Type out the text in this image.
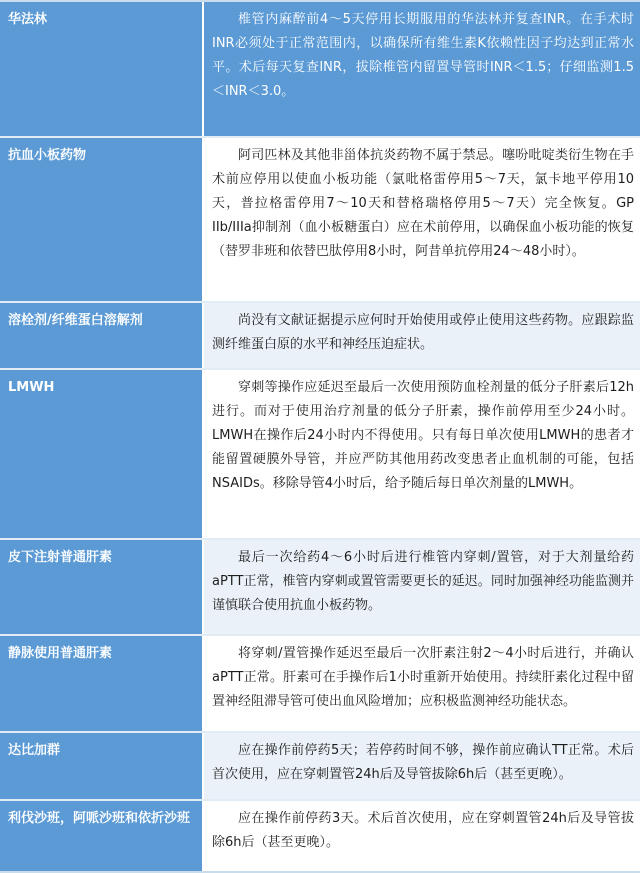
华法林	椎管内麻醉前4～5天停用长期服用的华法林并复查INR。在手术时INR必须处于正常范围内，以确保所有维生素K依赖性因子均达到正常水平。术后每天复查INR，拔除椎管内留置导管时INR＜1.5；仔细监测1.5＜INR＜3.0。
抗血小板药物	阿司匹林及其他非甾体抗炎药物不属于禁忌。噻吩吡啶类衍生物在手术前应停用以使血小板功能（氯吡格雷停用5～7天，氯卡地平停用10天，普拉格雷停用7～10天和替格瑞格停用5～7天）完全恢复。GP IIb/IIIa抑制剂（血小板糖蛋白）应在术前停用，以确保血小板功能的恢复（替罗非班和依替巴肽停用8小时，阿昔单抗停用24～48小时）。
溶栓剂/纤维蛋白溶解剂	尚没有文献证据提示应何时开始使用或停止使用这些药物。应跟踪监测纤维蛋白原的水平和神经压迫症状。
LMWH	穿刺等操作应延迟至最后一次使用预防血栓剂量的低分子肝素后12h进行。而对于使用治疗剂量的低分子肝素，操作前停用至少24小时。LMWH在操作后24小时内不得使用。只有每日单次使用LMWH的患者才能留置硬膜外导管，并应严防其他用药改变患者止血机制的可能，包括NSAIDs。移除导管4小时后，给予随后每日单次剂量的LMWH。
皮下注射普通肝素	最后一次给药4～6小时后进行椎管内穿刺/置管，对于大剂量给药aPTT正常，椎管内穿刺或置管需要更长的延迟。同时加强神经功能监测并谨慎联合使用抗血小板药物。
静脉使用普通肝素	将穿刺/置管操作延迟至最后一次肝素注射2～4小时后进行，并确认aPTT正常。肝素可在手操作后1小时重新开始使用。持续肝素化过程中留置神经阻滞导管可使出血风险增加；应积极监测神经功能状态。
达比加群	应在操作前停药5天；若停药时间不够，操作前应确认TT正常。术后首次使用，应在穿刺置管24h后及导管拔除6h后（甚至更晚）。
利伐沙班，阿哌沙班和依折沙班	应在操作前停药3天。术后首次使用，应在穿刺置管24h后及导管拔除6h后（甚至更晚）。
